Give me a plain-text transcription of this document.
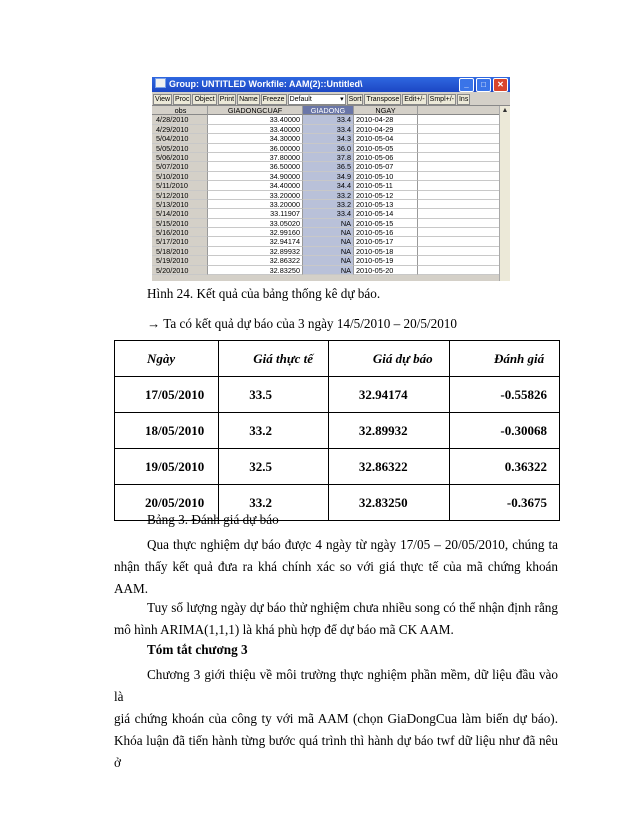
Group: UNTITLED Workfile: AAM(2)::Untitled\	_	□	✕
View Proc Object Print Name Freeze Default ▾	Sort Transpose Edit+/- Smpl+/- Ins
obs	GIADONGCUAF	GIADONG	NGAY
4/28/2010	33.40000	33.4 2010-04-28
4/29/2010	33.40000	33.4 2010-04-29
5/04/2010	34.30000	34.3 2010-05-04
5/05/2010	36.00000	36.0 2010-05-05
5/06/2010	37.80000	37.8 2010-05-06
5/07/2010	36.50000	36.5 2010-05-07
5/10/2010	34.90000	34.9 2010-05-10
5/11/2010	34.40000	34.4 2010-05-11
5/12/2010	33.20000	33.2 2010-05-12
5/13/2010	33.20000	33.2 2010-05-13
5/14/2010	33.11907	33.4 2010-05-14
5/15/2010	33.05020	NA 2010-05-15
5/16/2010	32.99160	NA 2010-05-16
5/17/2010	32.94174	NA 2010-05-17
5/18/2010	32.89932	NA 2010-05-18
5/19/2010	32.86322	NA 2010-05-19
5/20/2010	32.83250	NA 2010-05-20
▲
Hình 24. Kết quả của bảng thống kê dự báo.
→ Ta có kết quả dự báo của 3 ngày 14/5/2010 – 20/5/2010
Ngày	Giá thực tế	Giá dự báo	Đánh giá
17/05/2010	33.5	32.94174	-0.55826
18/05/2010	33.2	32.89932	-0.30068
19/05/2010	32.5	32.86322	0.36322
20/05/2010	33.2	32.83250	-0.3675
Bảng 3. Đánh giá dự báo
Qua thực nghiệm dự báo được 4 ngày từ ngày 17/05 – 20/05/2010, chúng ta
nhận thấy kết quả đưa ra khá chính xác so với giá thực tế của mã chứng khoán
AAM.
Tuy số lượng ngày dự báo thử nghiệm chưa nhiều song có thể nhận định rằng
mô hình ARIMA(1,1,1) là khá phù hợp để dự báo mã CK AAM.
Tóm tắt chương 3
Chương 3 giới thiệu về môi trường thực nghiệm phần mềm, dữ liệu đầu vào là
giá chứng khoán của công ty với mã AAM (chọn GiaDongCua làm biến dự báo).
Khóa luận đã tiến hành từng bước quá trình thì hành dự báo twf dữ liệu như đã nêu ở
